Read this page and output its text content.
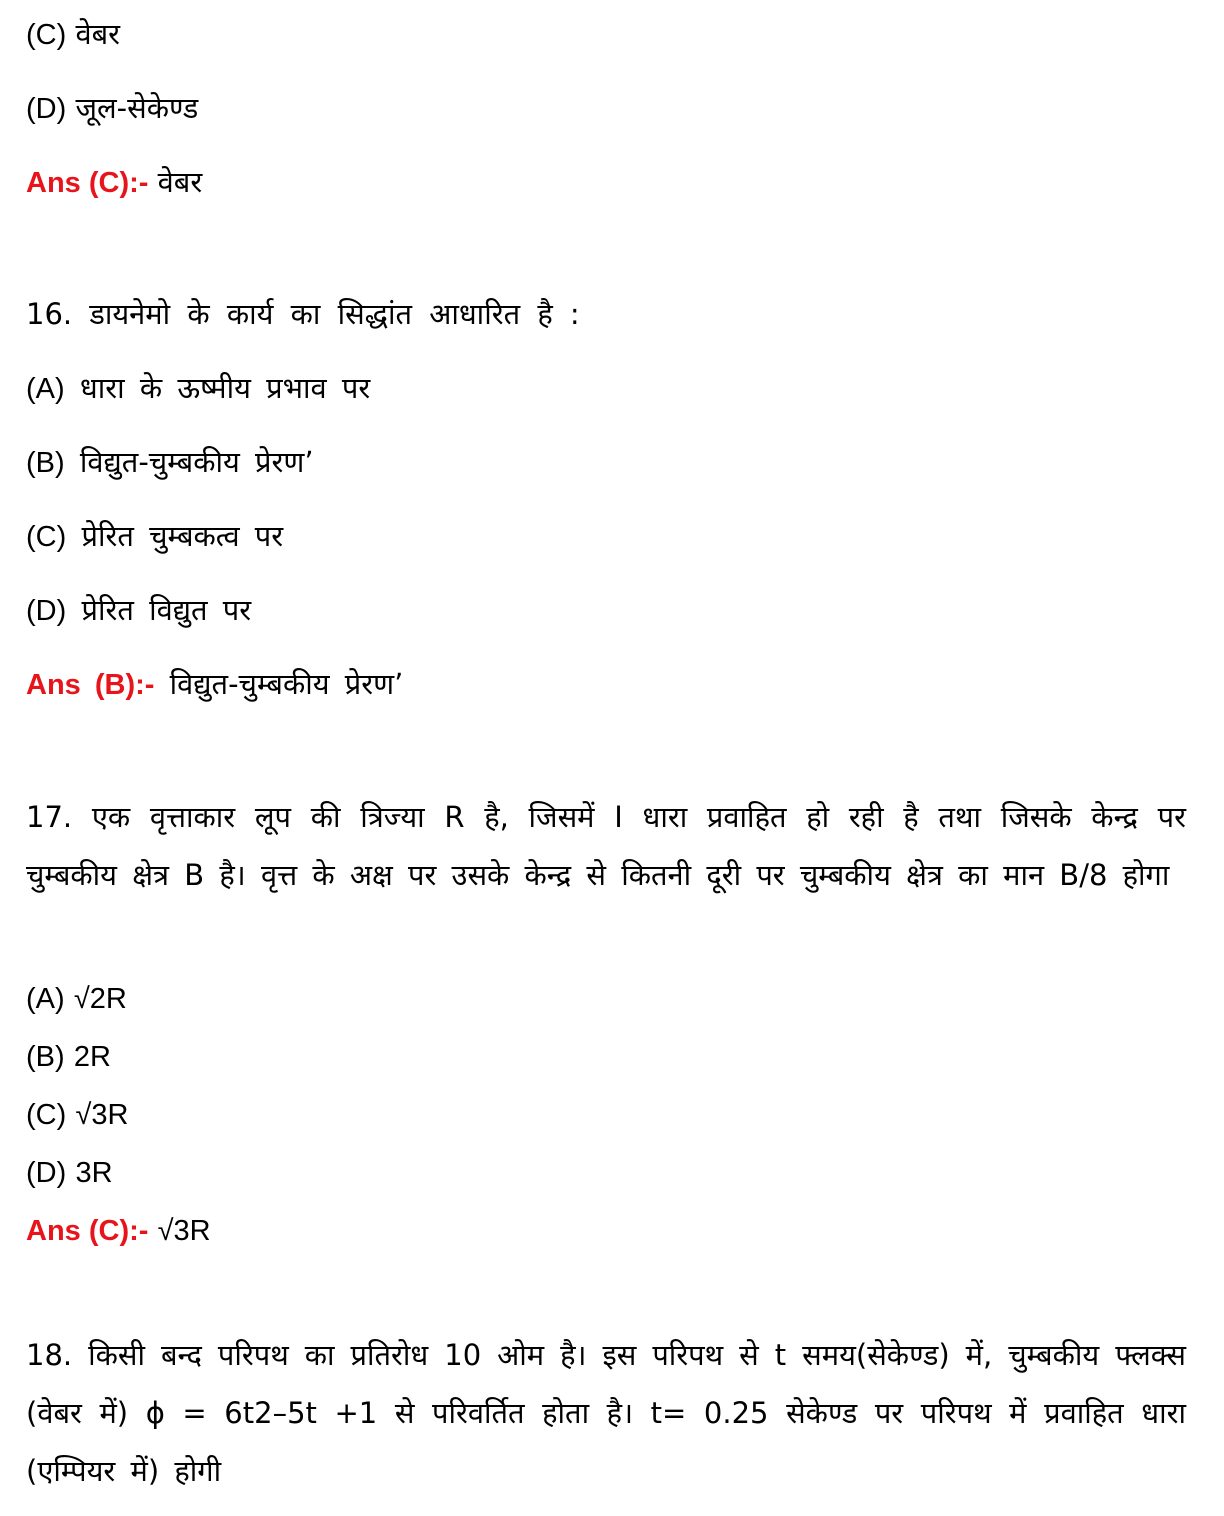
(C) वेबर
(D) जूल-सेकेण्ड
Ans (C):- वेबर
16. डायनेमो के कार्य का सिद्धांत आधारित है :
(A) धारा के ऊष्मीय प्रभाव पर
(B) विद्युत-चुम्बकीय प्रेरण’
(C) प्रेरित चुम्बकत्व पर
(D) प्रेरित विद्युत पर
Ans (B):- विद्युत-चुम्बकीय प्रेरण’
17. एक वृत्ताकार लूप की त्रिज्या R है, जिसमें I धारा प्रवाहित हो रही है तथा जिसके केन्द्र पर चुम्बकीय क्षेत्र B है। वृत्त के अक्ष पर उसके केन्द्र से कितनी दूरी पर चुम्बकीय क्षेत्र का मान B/8 होगा
(A) √2R
(B) 2R
(C) √3R
(D) 3R
Ans (C):- √3R
18. किसी बन्द परिपथ का प्रतिरोध 10 ओम है। इस परिपथ से t समय(सेकेण्ड) में, चुम्बकीय फ्लक्स (वेबर में) ϕ = 6t2–5t +1 से परिवर्तित होता है। t= 0.25 सेकेण्ड पर परिपथ में प्रवाहित धारा (एम्पियर में) होगी
